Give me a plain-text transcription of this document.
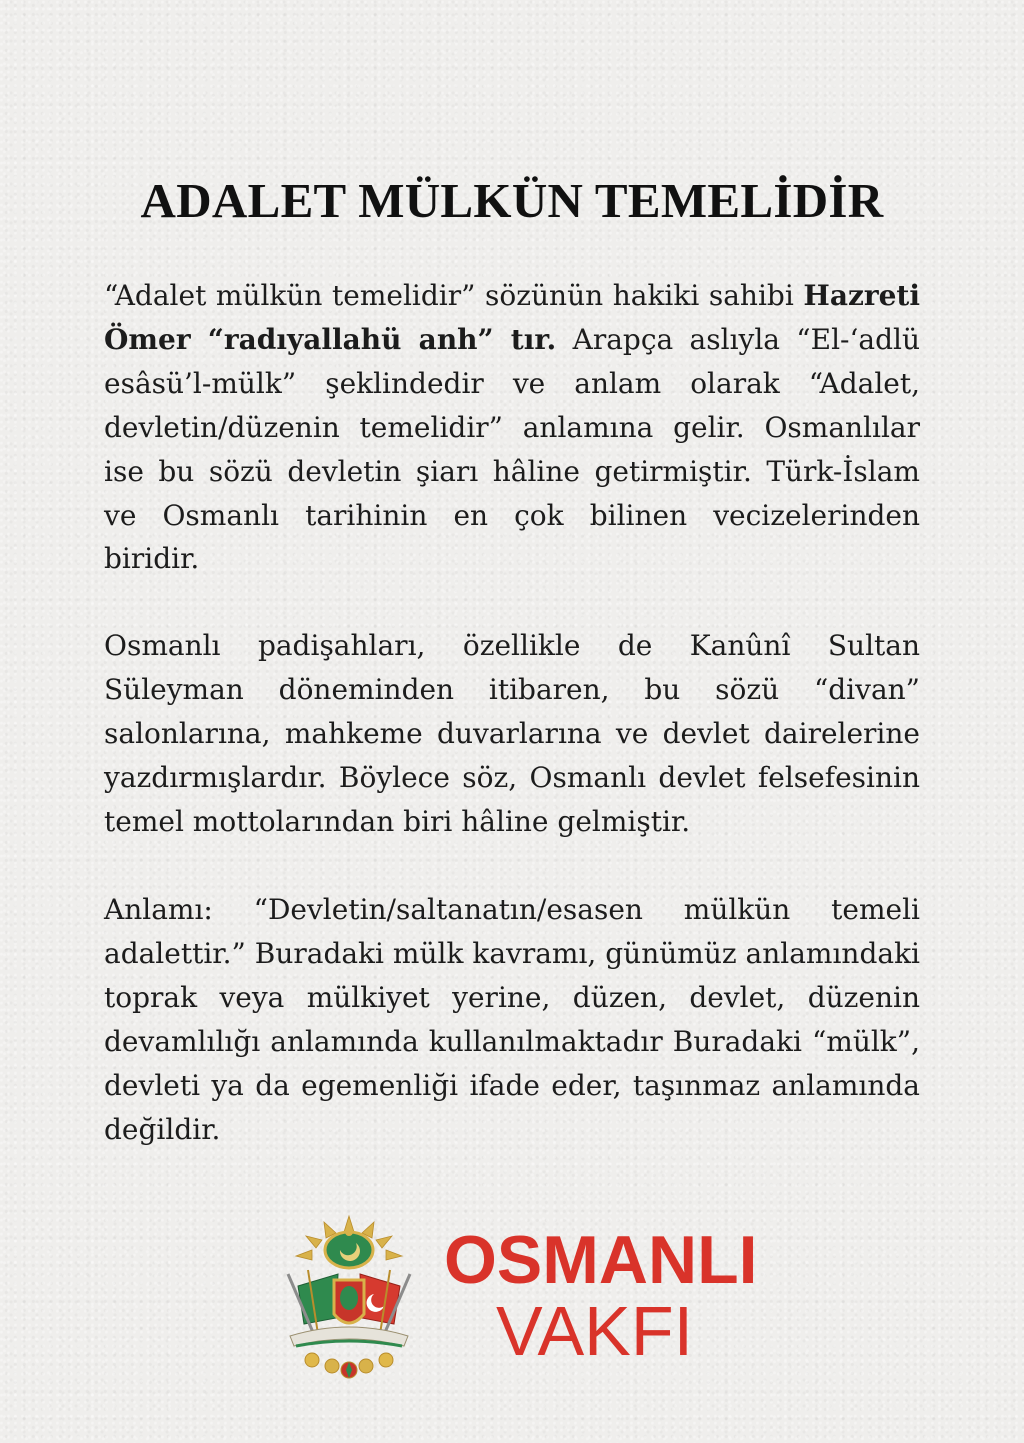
ADALET MÜLKÜN TEMELİDİR

“Adalet mülkün temelidir” sözünün hakiki sahibi Hazreti Ömer “radıyallahü anh” tır. Arapça aslıyla “El-‘adlü esâsü’l-mülk” şeklindedir ve anlam olarak “Adalet, devletin/düzenin temelidir” anlamına gelir. Osmanlılar ise bu sözü devletin şiarı hâline getirmiştir. Türk-İslam ve Osmanlı tarihinin en çok bilinen vecizelerinden biridir.

Osmanlı padişahları, özellikle de Kanûnî Sultan Süleyman döneminden itibaren, bu sözü “divan” salonlarına, mahkeme duvarlarına ve devlet dairelerine yazdırmışlardır. Böylece söz, Osmanlı devlet felsefesinin temel mottolarından biri hâline gelmiştir.

Anlamı: “Devletin/saltanatın/esasen mülkün temeli adalettir.” Buradaki mülk kavramı, günümüz anlamındaki toprak veya mülkiyet yerine, düzen, devlet, düzenin devamlılığı anlamında kullanılmaktadır Buradaki “mülk”, devleti ya da egemenliği ifade eder, taşınmaz anlamında değildir.

OSMANLI
VAKFI
